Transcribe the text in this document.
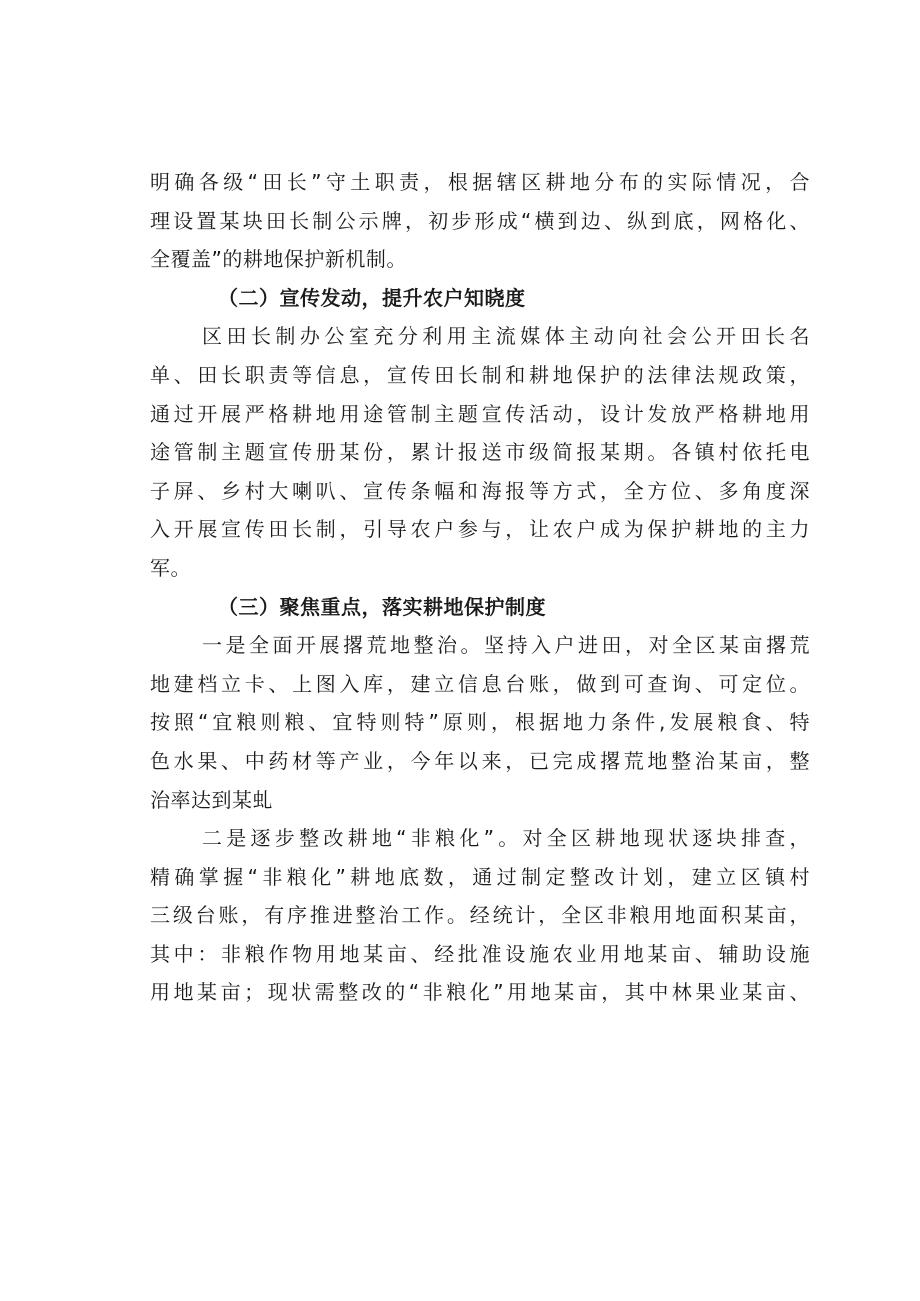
明确各级“田长”守土职责，根据辖区耕地分布的实际情况，合
理设置某块田长制公示牌，初步形成“横到边、纵到底，网格化、
全覆盖”的耕地保护新机制。
（二）宣传发动，提升农户知晓度
区田长制办公室充分利用主流媒体主动向社会公开田长名
单、田长职责等信息，宣传田长制和耕地保护的法律法规政策，
通过开展严格耕地用途管制主题宣传活动，设计发放严格耕地用
途管制主题宣传册某份，累计报送市级简报某期。各镇村依托电
子屏、乡村大喇叭、宣传条幅和海报等方式，全方位、多角度深
入开展宣传田长制，引导农户参与，让农户成为保护耕地的主力
军。
（三）聚焦重点，落实耕地保护制度
一是全面开展撂荒地整治。坚持入户进田，对全区某亩撂荒
地建档立卡、上图入库，建立信息台账，做到可查询、可定位。
按照“宜粮则粮、宜特则特”原则，根据地力条件,发展粮食、特
色水果、中药材等产业，今年以来，已完成撂荒地整治某亩，整
治率达到某虬
二是逐步整改耕地“非粮化”。对全区耕地现状逐块排查，
精确掌握“非粮化”耕地底数，通过制定整改计划，建立区镇村
三级台账，有序推进整治工作。经统计，全区非粮用地面积某亩，
其中：非粮作物用地某亩、经批准设施农业用地某亩、辅助设施
用地某亩；现状需整改的“非粮化”用地某亩，其中林果业某亩、
